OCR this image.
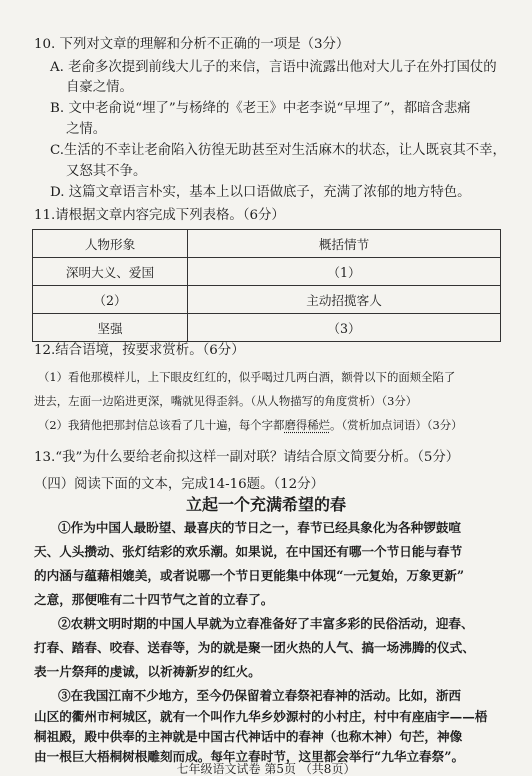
10. 下列对文章的理解和分析不正确的一项是（3分）
A. 老俞多次提到前线大儿子的来信，言语中流露出他对大儿子在外打国仗的
自豪之情。
B. 文中老俞说“埋了”与杨绛的《老王》中老李说“早埋了”，都暗含悲痛
之情。
C.生活的不幸让老俞陷入彷徨无助甚至对生活麻木的状态，让人既哀其不幸，
又怒其不争。
D. 这篇文章语言朴实，基本上以口语做底子，充满了浓郁的地方特色。
11.请根据文章内容完成下列表格。（6分）
人物形象	概括情节
深明大义、爱国	（1）
（2）	主动招揽客人
坚强	（3）
12.结合语境，按要求赏析。（6分）
（1）看他那模样儿，上下眼皮红红的，似乎喝过几两白酒，额骨以下的面颊全陷了
进去，左面一边陷进更深，嘴就见得歪斜。（从人物描写的角度赏析）（3分）
（2）我猜他把那封信总该看了几十遍，每个字都磨得稀烂。（赏析加点词语）（3分）
13.“我”为什么要给老俞拟这样一副对联？请结合原文简要分析。（5分）
（四）阅读下面的文本，完成14-16题。（12分）
立起一个充满希望的春
①作为中国人最盼望、最喜庆的节日之一，春节已经具象化为各种锣鼓喧
天、人头攒动、张灯结彩的欢乐潮。如果说，在中国还有哪一个节日能与春节
的内涵与蕴藉相媲美，或者说哪一个节日更能集中体现“一元复始，万象更新”
之意，那便唯有二十四节气之首的立春了。
②农耕文明时期的中国人早就为立春准备好了丰富多彩的民俗活动，迎春、
打春、踏春、咬春、送春等，为的就是聚一团火热的人气、搞一场沸腾的仪式、
表一片祭拜的虔诚，以祈祷新岁的红火。
③在我国江南不少地方，至今仍保留着立春祭祀春神的活动。比如，浙西
山区的衢州市柯城区，就有一个叫作九华乡妙源村的小村庄，村中有座庙宇——梧
桐祖殿，殿中供奉的主神就是中国古代神话中的春神（也称木神）句芒，神像
由一根巨大梧桐树根雕刻而成。每年立春时节，这里都会举行“九华立春祭”。
七年级语文试卷 第5页 （共8页）
